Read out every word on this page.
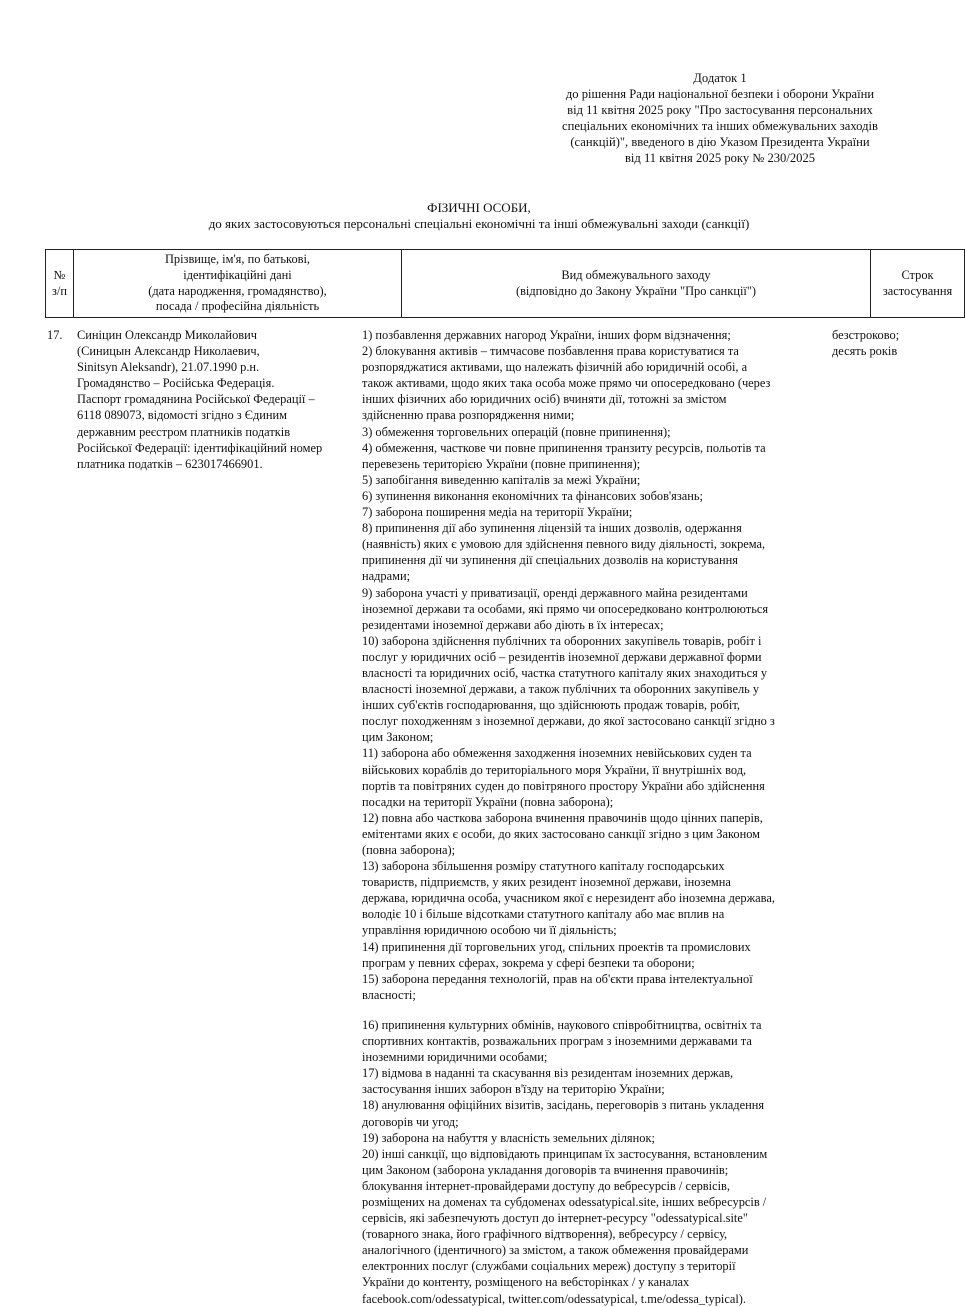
Додаток 1
до рішення Ради національної безпеки і оборони України
від 11 квітня 2025 року "Про застосування персональних
спеціальних економічних та інших обмежувальних заходів
(санкцій)", введеного в дію Указом Президента України
від 11 квітня 2025 року № 230/2025
ФІЗИЧНІ ОСОБИ,
до яких застосовуються персональні спеціальні економічні та інші обмежувальні заходи (санкції)
№
з/п
Прізвище, ім'я, по батькові,
ідентифікаційні дані
(дата народження, громадянство),
посада / професійна діяльність
Вид обмежувального заходу
(відповідно до Закону України "Про санкції")
Строк
застосування
17.	Синіцин Олександр Миколайович
(Синицын Александр Николаевич,
Sinitsyn Aleksandr), 21.07.1990 р.н.
Громадянство – Російська Федерація.
Паспорт громадянина Російської Федерації –
6118 089073, відомості згідно з Єдиним
державним реєстром платників податків
Російської Федерації: ідентифікаційний номер
платника податків – 623017466901.
1) позбавлення державних нагород України, інших форм відзначення;
2) блокування активів – тимчасове позбавлення права користуватися та
розпоряджатися активами, що належать фізичній або юридичній особі, а
також активами, щодо яких така особа може прямо чи опосередковано (через
інших фізичних або юридичних осіб) вчиняти дії, тотожні за змістом
здійсненню права розпорядження ними;
3) обмеження торговельних операцій (повне припинення);
4) обмеження, часткове чи повне припинення транзиту ресурсів, польотів та
перевезень територією України (повне припинення);
5) запобігання виведенню капіталів за межі України;
6) зупинення виконання економічних та фінансових зобов'язань;
7) заборона поширення медіа на території України;
8) припинення дії або зупинення ліцензій та інших дозволів, одержання
(наявність) яких є умовою для здійснення певного виду діяльності, зокрема,
припинення дії чи зупинення дії спеціальних дозволів на користування
надрами;
9) заборона участі у приватизації, оренді державного майна резидентами
іноземної держави та особами, які прямо чи опосередковано контролюються
резидентами іноземної держави або діють в їх інтересах;
10) заборона здійснення публічних та оборонних закупівель товарів, робіт і
послуг у юридичних осіб – резидентів іноземної держави державної форми
власності та юридичних осіб, частка статутного капіталу яких знаходиться у
власності іноземної держави, а також публічних та оборонних закупівель у
інших суб'єктів господарювання, що здійснюють продаж товарів, робіт,
послуг походженням з іноземної держави, до якої застосовано санкції згідно з
цим Законом;
11) заборона або обмеження заходження іноземних невійськових суден та
військових кораблів до територіального моря України, її внутрішніх вод,
портів та повітряних суден до повітряного простору України або здійснення
посадки на території України (повна заборона);
12) повна або часткова заборона вчинення правочинів щодо цінних паперів,
емітентами яких є особи, до яких застосовано санкції згідно з цим Законом
(повна заборона);
13) заборона збільшення розміру статутного капіталу господарських
товариств, підприємств, у яких резидент іноземної держави, іноземна
держава, юридична особа, учасником якої є нерезидент або іноземна держава,
володіє 10 і більше відсотками статутного капіталу або має вплив на
управління юридичною особою чи її діяльність;
14) припинення дії торговельних угод, спільних проектів та промислових
програм у певних сферах, зокрема у сфері безпеки та оборони;
15) заборона передання технологій, прав на об'єкти права інтелектуальної
власності;
16) припинення культурних обмінів, наукового співробітництва, освітніх та
спортивних контактів, розважальних програм з іноземними державами та
іноземними юридичними особами;
17) відмова в наданні та скасування віз резидентам іноземних держав,
застосування інших заборон в'їзду на територію України;
18) анулювання офіційних візитів, засідань, переговорів з питань укладення
договорів чи угод;
19) заборона на набуття у власність земельних ділянок;
20) інші санкції, що відповідають принципам їх застосування, встановленим
цим Законом (заборона укладання договорів та вчинення правочинів;
блокування інтернет-провайдерами доступу до вебресурсів / сервісів,
розміщених на доменах та субдоменах odessatypical.site, інших вебресурсів /
сервісів, які забезпечують доступ до інтернет-ресурсу "odessatypical.site"
(товарного знака, його графічного відтворення), вебресурсу / сервісу,
аналогічного (ідентичного) за змістом, а також обмеження провайдерами
електронних послуг (службами соціальних мереж) доступу з території
України до контенту, розміщеного на вебсторінках / у каналах
facebook.com/odessatypical, twitter.com/odessatypical, t.me/odessa_typical).
безстроково;
десять років
